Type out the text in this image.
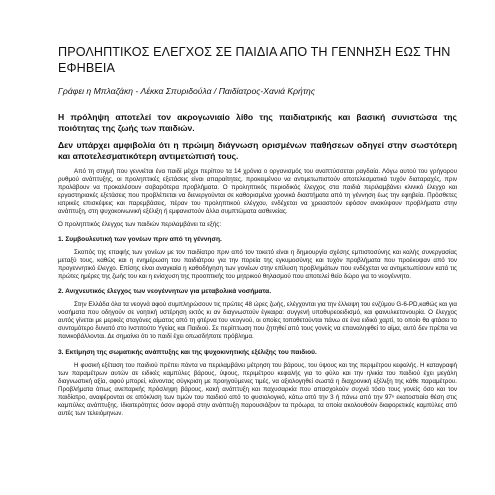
ΠΡΟΛΗΠΤΙΚΟΣ ΕΛΕΓΧΟΣ ΣΕ ΠΑΙΔΙΑ ΑΠΟ ΤΗ ΓΕΝΝΗΣΗ ΕΩΣ ΤΗΝ ΕΦΗΒΕΙΑ
Γράφει η Μπλαζάκη - Λέκκα Σπυριδούλα / Παιδίατρος-Χανιά Κρήτης

Η πρόληψη αποτελεί τον ακρογωνιαίο λίθο της παιδιατρικής και βασική συνιστώσα της ποιότητας της ζωής των παιδιών.

Δεν υπάρχει αμφιβολία ότι η πρώιμη διάγνωση ορισμένων παθήσεων οδηγεί στην σωστότερη και αποτελεσματικότερη αντιμετώπισή τους.

Από τη στιγμή που γεννιέται ένα παιδί μέχρι περίπου τα 14 χρόνια ο οργανισμός του αναπτύσσεται ραγδαία. Λόγω αυτού του γρήγορου ρυθμού ανάπτυξης, οι προληπτικές εξετάσεις είναι απαραίτητες, προκειμένου να αντιμετωπιστούν αποτελεσματικά τυχόν διαταραχές, πριν προλάβουν να προκαλέσουν σοβαρότερα προβλήματα. Ο προληπτικός περιοδικός έλεγχος στα παιδιά περιλαμβάνει κλινικό έλεγχο και εργαστηριακές εξετάσεις που προβλέπεται να διενεργούνται σε καθορισμένα χρονικά διαστήματα από τη γέννηση έως την εφηβεία. Πρόσθετες ιατρικές επισκέψεις και παρεμβάσεις, πέραν του προληπτικού ελέγχου, ενδέχεται να χρειαστούν εφόσον ανακύψουν προβλήματα στην ανάπτυξη, στη ψυχοκοινωνική εξέλιξη ή εμφανιστούν άλλα συμπτώματα ασθενείας.

Ο προληπτικός έλεγχος των παιδιών περιλαμβάνει τα εξής:

1. Συμβουλευτική των γονέων πριν από τη γέννηση.

Σκοπός της επαφής των γονέων με τον παιδίατρο πριν από τον τοκετό είναι η δημιουργία σχέσης εμπιστοσύνης και καλής συνεργασίας μεταξύ τους, καθώς και η ενημέρωση του παιδιάτρου για την πορεία της εγκυμοσύνης και τυχόν προβλήματα που προέκυψαν από τον προγεννητικό έλεγχο. Επίσης είναι αναγκαία η καθοδήγηση των γονέων στην επίλυση προβλημάτων που ενδέχεται να αντιμετωπίσουν κατά τις πρώτες ημέρες της ζωής του και η ενίσχυση της προοπτικής του μητρικού θηλασμού που αποτελεί θείο δώρο για το νεογέννητο.

2. Ανιχνευτικός έλεγχος των νεογέννητων για μεταβολικά νοσήματα.

Στην Ελλάδα όλα τα νεογνά αφού συμπληρώσουν τις πρώτες 48 ώρες ζωής, ελέγχονται για την έλλειψη του ενζύμου G-6-PD,καθώς και για νοσήματα που οδηγούν σε νοητική υστέρηση εκτός κι αν διαγνωστούν έγκαιρα: συγγενή υποθυρεοειδισμό, και φαινυλκετονουρία. Ο έλεγχος αυτός γίνεται με μερικές σταγόνες αίματος από τη φτέρνα του νεογνού, οι οποίες τοποθετούνται πάνω σε ένα ειδικό χαρτί, το οποίο θα φτάσει το συντομότερο δυνατό στο Ινστιτούτο Υγείας και Παιδιού. Σε περίπτωση που ζητηθεί από τους γονείς να επαναληφθεί το αίμα, αυτό δεν πρέπει να πανικοβάλλονται. Δε σημαίνει ότι το παιδί έχει οπωσδήποτε πρόβλημα.

3. Εκτίμηση της σωματικής ανάπτυξης και της ψυχοκινητικής εξέλιξης του παιδιού.

Η φυσική εξέταση του παιδιού πρέπει πάντα να περιλαμβάνει μέτρηση του βάρους, του ύψους και της περιμέτρου κεφαλής. Η καταγραφή των παραμέτρων αυτών σε ειδικές καμπύλες βάρους, ύψους, περιμέτρου κεφαλής για το φύλο και την ηλικία του παιδιού έχει μεγάλη διαγνωστική αξία, αφού μπορεί, κάνοντας σύγκριση με προηγούμενες τιμές, να αξιολογηθεί σωστά η διαχρονική εξέλιξη της κάθε παραμέτρου. Προβλήματα όπως ανεπαρκής πρόσληψη βάρους, κακή ανάπτυξη και παχυσαρκία που απασχολούν συχνά τόσο τους γονείς όσο και τον παιδίατρο, αναφέρονται σε απόκλιση των τιμών του παιδιού από το φυσιολογικό, κάτω από την 3 ή πάνω από την 97ⁿ εκατοστιαία θέση στις καμπύλες ανάπτυξης. Ιδιαιτερότητες όσον αφορά στην ανάπτυξη παρουσιάζουν τα πρόωρα, τα οποία ακολουθούν διαφορετικές καμπύλες από αυτές των τελειόμηνων.
